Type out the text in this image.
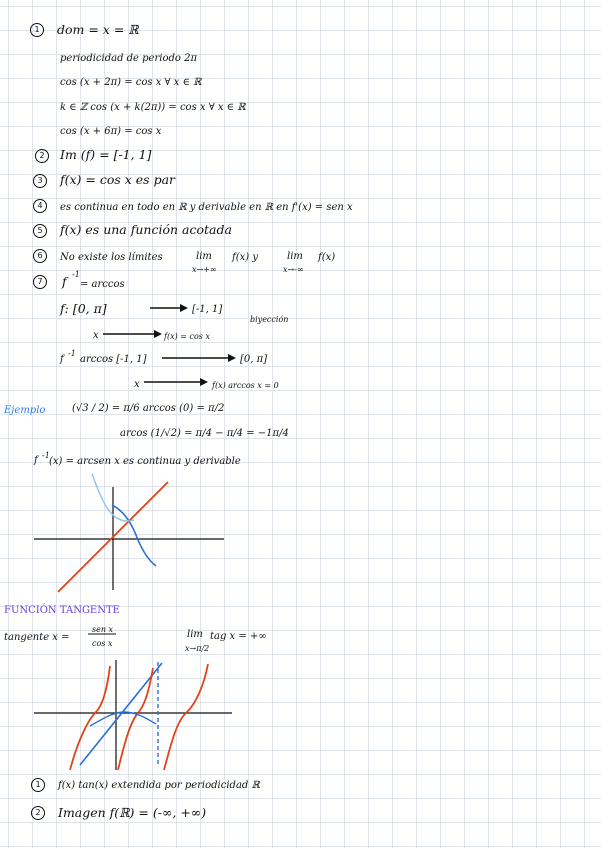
1	dom = x = ℝ
periodicidad de periodo 2π
cos (x + 2π) = cos x ∀ x ∈ ℝ
k ∈ ℤ cos (x + k(2π)) = cos x ∀ x ∈ ℝ
cos (x + 6π) = cos x
2	Im (f) = [-1, 1]
3	f(x) = cos x es par
4	es continua en todo en ℝ y derivable en ℝ en f'(x) = sen x
5	f(x) es una función acotada
6	No existe los límites	lim
x→+∞
f(x) y	lim
x→-∞
f(x)
7	f -1
= arccos
f: [0, π]	[-1, 1]
biyección
x	f(x) = cos x
f
-1
arccos [-1, 1]	[0, π]
x	f(x) arccos x = 0
Ejemplo	(√3 / 2) = π/6 arccos (0) = π/2
arcos (1/√2) = π/4 − π/4 = −1π/4
f -1
(x) = arcsen x es continua y derivable
FUNCIÓN TANGENTE
tangente x =
sen x
cos x
lim
x→π/2
tag x = +∞
1	f(x) tan(x) extendida por periodicidad ℝ
2	Imagen f(ℝ) = (-∞, +∞)
